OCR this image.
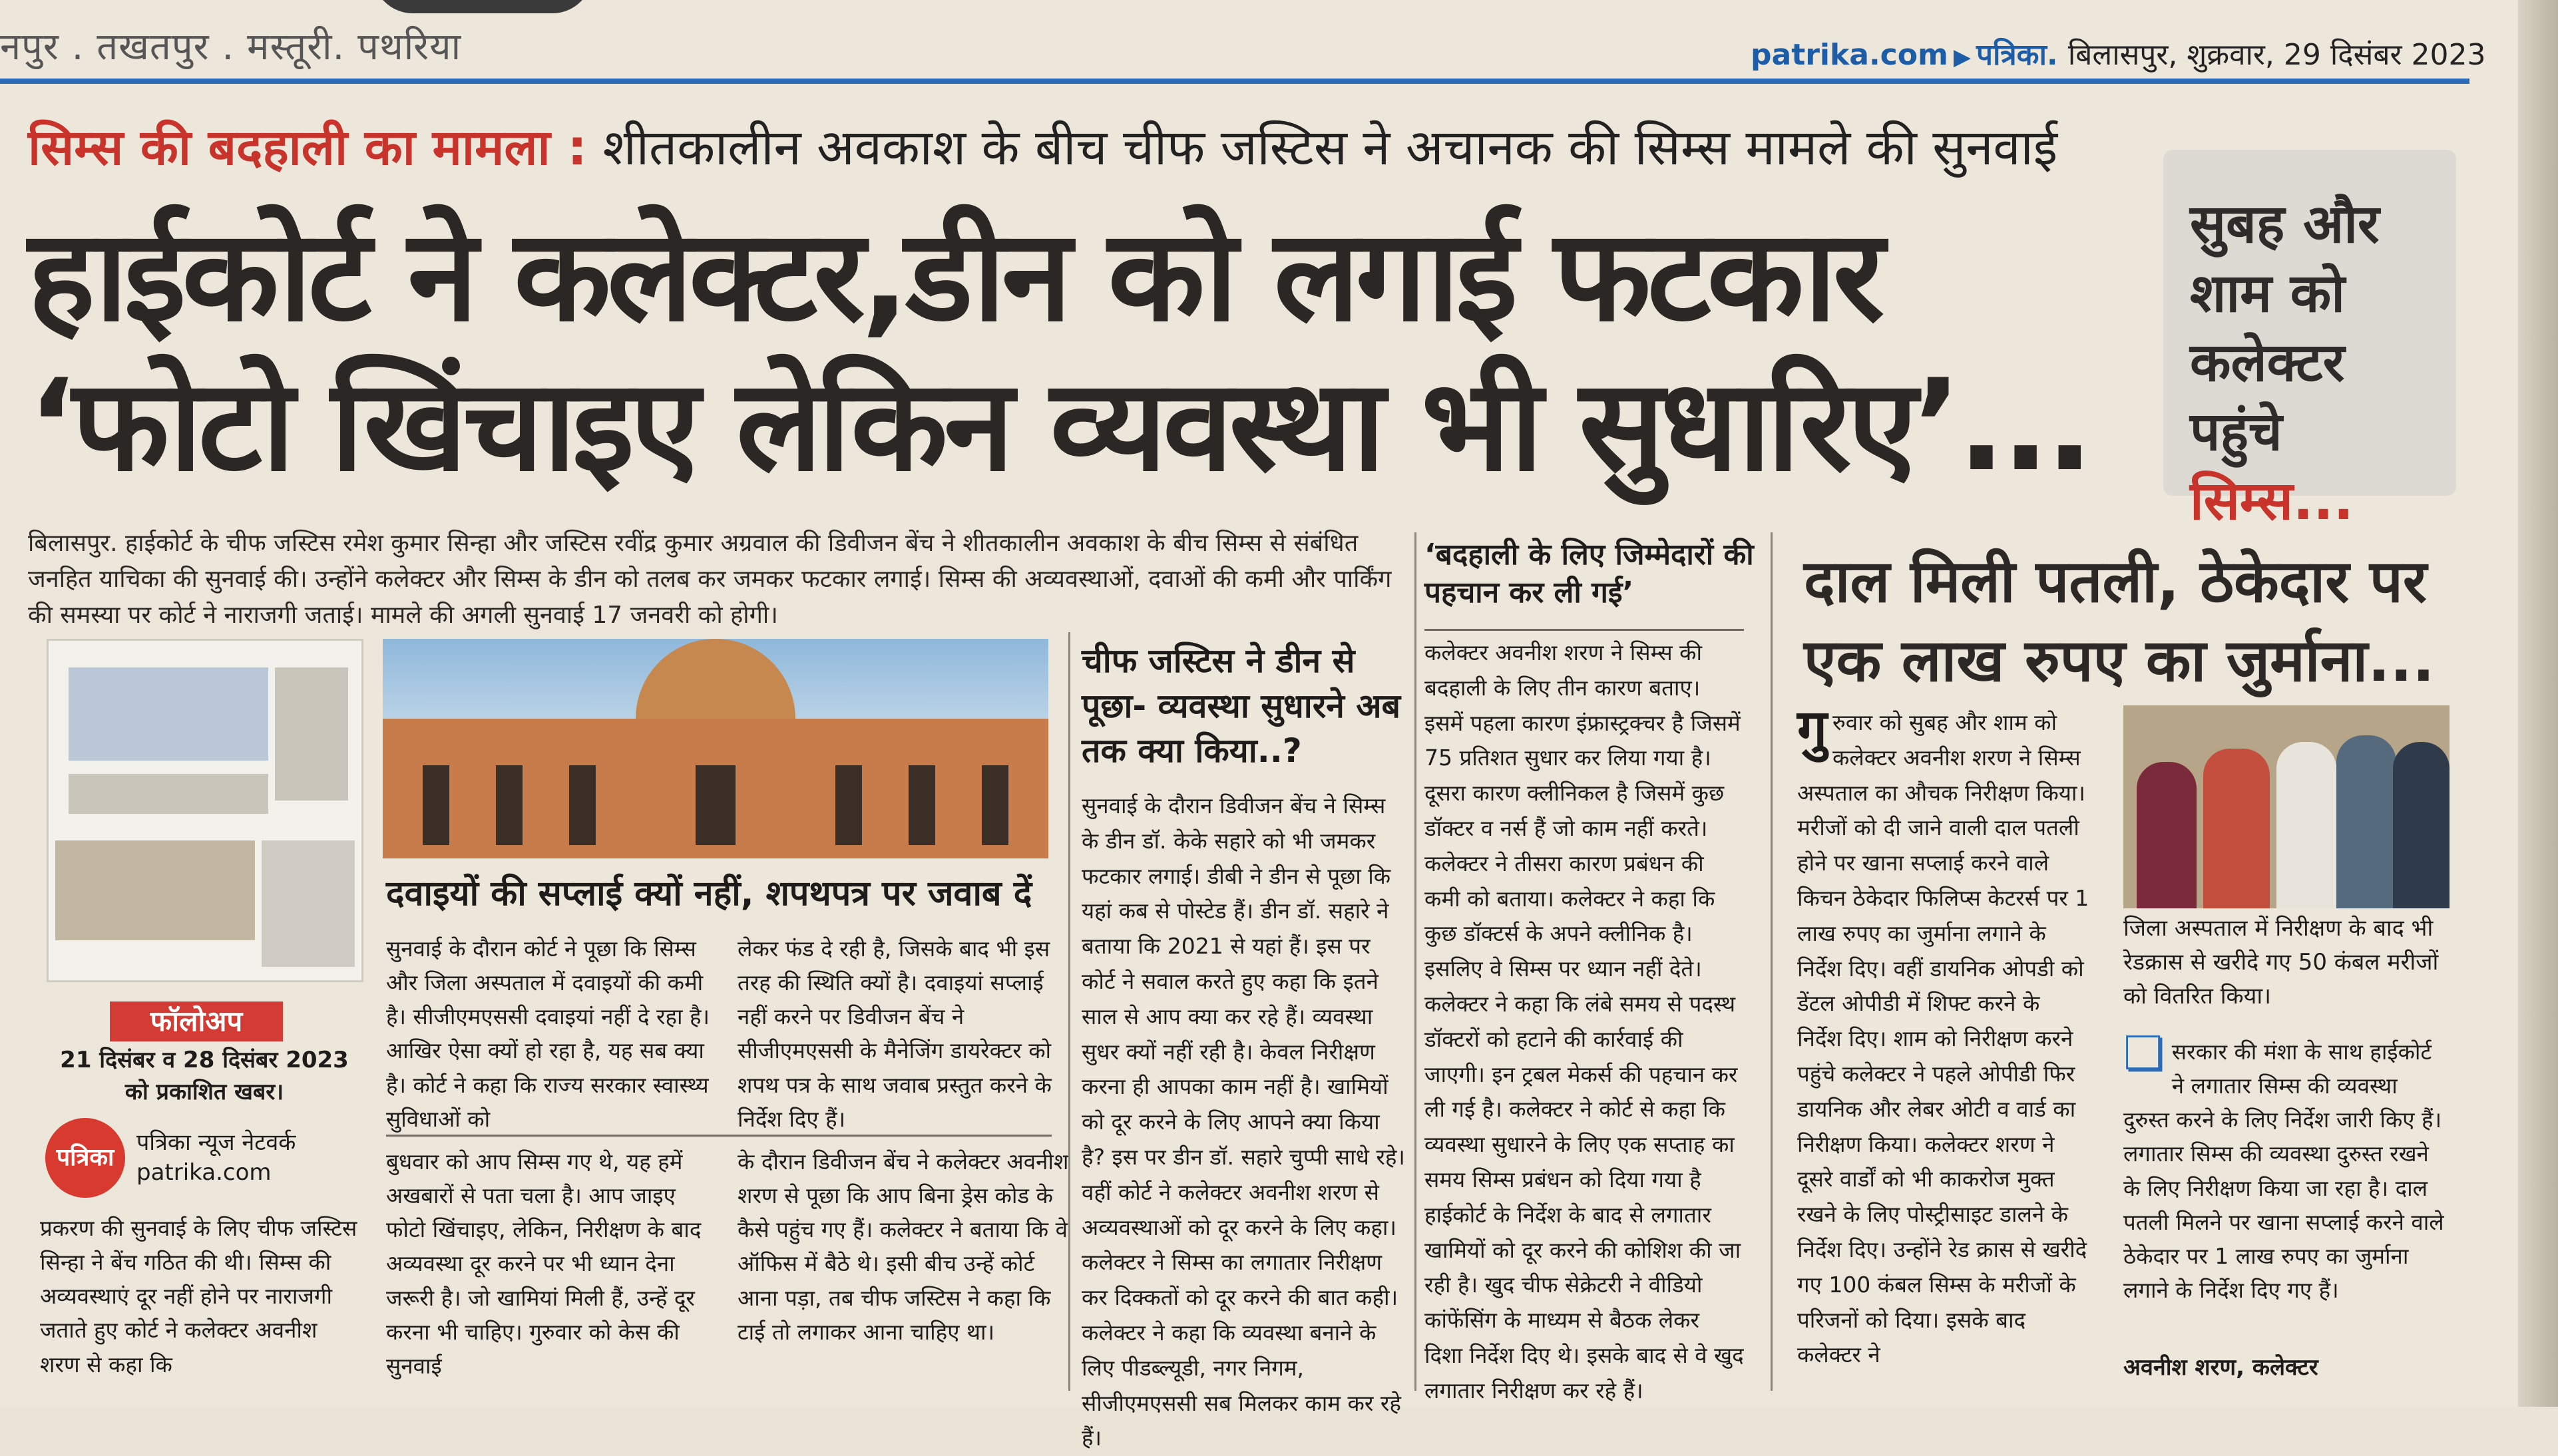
नपुर . तखतपुर . मस्तूरी. पथरिया	patrika.com ▶ पत्रिका. बिलासपुर, शुक्रवार, 29 दिसंबर 2023
सिम्स की बदहाली का मामला : शीतकालीन अवकाश के बीच चीफ जस्टिस ने अचानक की सिम्स मामले की सुनवाई
हाईकोर्ट ने कलेक्टर,डीन को लगाई फटकार
‘फोटो खिंचाइए लेकिन व्यवस्था भी सुधारिए’...
सुबह और शाम को कलेक्टर पहुंचे सिम्स...
बिलासपुर. हाईकोर्ट के चीफ जस्टिस रमेश कुमार सिन्हा और जस्टिस रवींद्र कुमार अग्रवाल की डिवीजन बेंच ने शीतकालीन अवकाश के बीच सिम्स से संबंधित जनहित याचिका की सुनवाई की। उन्होंने कलेक्टर और सिम्स के डीन को तलब कर जमकर फटकार लगाई। सिम्स की अव्यवस्थाओं, दवाओं की कमी और पार्किंग की समस्या पर कोर्ट ने नाराजगी जताई। मामले की अगली सुनवाई 17 जनवरी को होगी।
फॉलोअप
21 दिसंबर व 28 दिसंबर 2023 को प्रकाशित खबर।
पत्रिका
पत्रिका न्यूज नेटवर्क
patrika.com
प्रकरण की सुनवाई के लिए चीफ जस्टिस सिन्हा ने बेंच गठित की थी। सिम्स की अव्यवस्थाएं दूर नहीं होने पर नाराजगी जताते हुए कोर्ट ने कलेक्टर अवनीश शरण से कहा कि
दवाइयों की सप्लाई क्यों नहीं, शपथपत्र पर जवाब दें
सुनवाई के दौरान कोर्ट ने पूछा कि सिम्स और जिला अस्पताल में दवाइयों की कमी है। सीजीएमएससी दवाइयां नहीं दे रहा है। आखिर ऐसा क्यों हो रहा है, यह सब क्या है। कोर्ट ने कहा कि राज्य सरकार स्वास्थ्य सुविधाओं को
लेकर फंड दे रही है, जिसके बाद भी इस तरह की स्थिति क्यों है। दवाइयां सप्लाई नहीं करने पर डिवीजन बेंच ने सीजीएमएससी के मैनेजिंग डायरेक्टर को शपथ पत्र के साथ जवाब प्रस्तुत करने के निर्देश दिए हैं।
बुधवार को आप सिम्स गए थे, यह हमें अखबारों से पता चला है। आप जाइए फोटो खिंचाइए, लेकिन, निरीक्षण के बाद अव्यवस्था दूर करने पर भी ध्यान देना जरूरी है। जो खामियां मिली हैं, उन्हें दूर करना भी चाहिए। गुरुवार को केस की सुनवाई
के दौरान डिवीजन बेंच ने कलेक्टर अवनीश शरण से पूछा कि आप बिना ड्रेस कोड के कैसे पहुंच गए हैं। कलेक्टर ने बताया कि वे ऑफिस में बैठे थे। इसी बीच उन्हें कोर्ट आना पड़ा, तब चीफ जस्टिस ने कहा कि टाई तो लगाकर आना चाहिए था।
चीफ जस्टिस ने डीन से पूछा- व्यवस्था सुधारने अब तक क्या किया..?
सुनवाई के दौरान डिवीजन बेंच ने सिम्स के डीन डॉ. केके सहारे को भी जमकर फटकार लगाई। डीबी ने डीन से पूछा कि यहां कब से पोस्टेड हैं। डीन डॉ. सहारे ने बताया कि 2021 से यहां हैं। इस पर कोर्ट ने सवाल करते हुए कहा कि इतने साल से आप क्या कर रहे हैं। व्यवस्था सुधर क्यों नहीं रही है। केवल निरीक्षण करना ही आपका काम नहीं है। खामियों को दूर करने के लिए आपने क्या किया है? इस पर डीन डॉ. सहारे चुप्पी साधे रहे। वहीं कोर्ट ने कलेक्टर अवनीश शरण से अव्यवस्थाओं को दूर करने के लिए कहा। कलेक्टर ने सिम्स का लगातार निरीक्षण कर दिक्कतों को दूर करने की बात कही। कलेक्टर ने कहा कि व्यवस्था बनाने के लिए पीडब्ल्यूडी, नगर निगम, सीजीएमएससी सब मिलकर काम कर रहे हैं।
‘बदहाली के लिए जिम्मेदारों की पहचान कर ली गई’
कलेक्टर अवनीश शरण ने सिम्स की बदहाली के लिए तीन कारण बताए। इसमें पहला कारण इंफ्रास्ट्रक्चर है जिसमें 75 प्रतिशत सुधार कर लिया गया है। दूसरा कारण क्लीनिकल है जिसमें कुछ डॉक्टर व नर्स हैं जो काम नहीं करते। कलेक्टर ने तीसरा कारण प्रबंधन की कमी को बताया। कलेक्टर ने कहा कि कुछ डॉक्टर्स के अपने क्लीनिक है। इसलिए वे सिम्स पर ध्यान नहीं देते। कलेक्टर ने कहा कि लंबे समय से पदस्थ डॉक्टरों को हटाने की कार्रवाई की जाएगी। इन ट्रबल मेकर्स की पहचान कर ली गई है। कलेक्टर ने कोर्ट से कहा कि व्यवस्था सुधारने के लिए एक सप्ताह का समय सिम्स प्रबंधन को दिया गया है हाईकोर्ट के निर्देश के बाद से लगातार खामियों को दूर करने की कोशिश की जा रही है। खुद चीफ सेक्रेटरी ने वीडियो कांफेंसिंग के माध्यम से बैठक लेकर दिशा निर्देश दिए थे। इसके बाद से वे खुद लगातार निरीक्षण कर रहे हैं।
दाल मिली पतली, ठेकेदार पर एक लाख रुपए का जुर्माना...
गुरुवार को सुबह और शाम को कलेक्टर अवनीश शरण ने सिम्स अस्पताल का औचक निरीक्षण किया। मरीजों को दी जाने वाली दाल पतली होने पर खाना सप्लाई करने वाले किचन ठेकेदार फिलिप्स केटरर्स पर 1 लाख रुपए का जुर्माना लगाने के निर्देश दिए। वहीं डायनिक ओपडी को डेंटल ओपीडी में शिफ्ट करने के निर्देश दिए। शाम को निरीक्षण करने पहुंचे कलेक्टर ने पहले ओपीडी फिर डायनिक और लेबर ओटी व वार्ड का निरीक्षण किया। कलेक्टर शरण ने दूसरे वार्डों को भी काकरोज मुक्त रखने के लिए पोस्ट्रीसाइट डालने के निर्देश दिए। उन्होंने रेड क्रास से खरीदे गए 100 कंबल सिम्स के मरीजों के परिजनों को दिया। इसके बाद कलेक्टर ने
जिला अस्पताल में निरीक्षण के बाद भी रेडक्रास से खरीदे गए 50 कंबल मरीजों को वितरित किया।
❏ सरकार की मंशा के साथ हाईकोर्ट ने लगातार सिम्स की व्यवस्था दुरुस्त करने के लिए निर्देश जारी किए हैं। लगातार सिम्स की व्यवस्था दुरुस्त रखने के लिए निरीक्षण किया जा रहा है। दाल पतली मिलने पर खाना सप्लाई करने वाले ठेकेदार पर 1 लाख रुपए का जुर्माना लगाने के निर्देश दिए गए हैं।
अवनीश शरण, कलेक्टर
